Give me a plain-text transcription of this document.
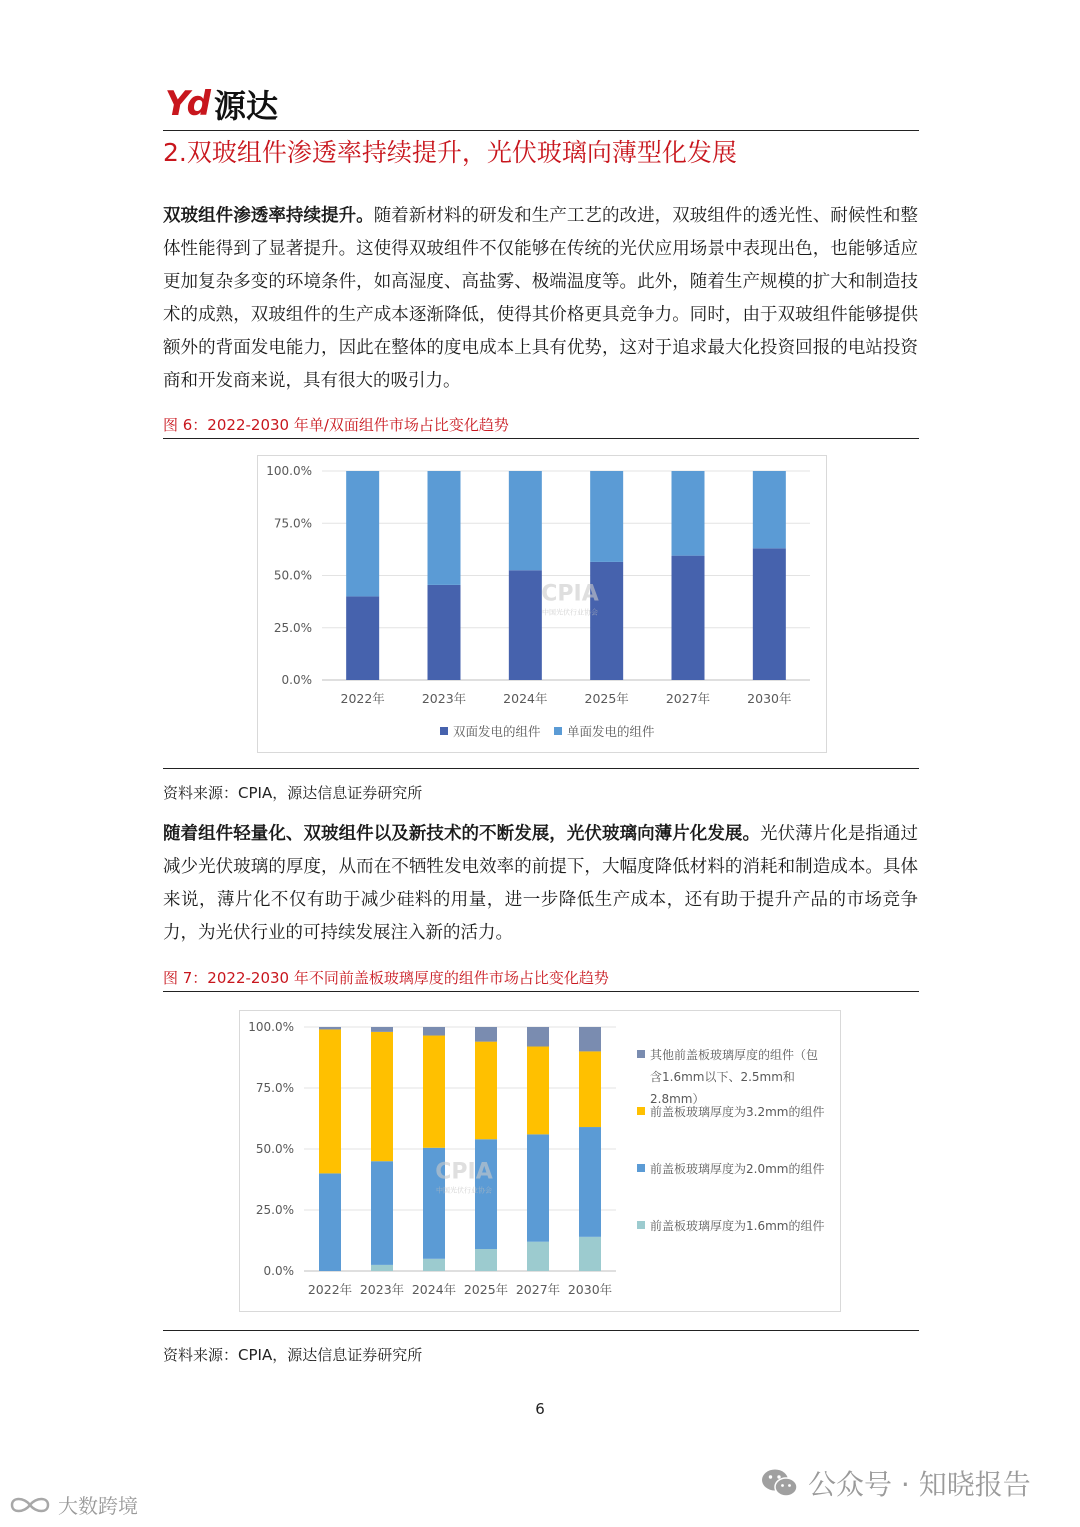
Yd 源达
2.双玻组件渗透率持续提升，光伏玻璃向薄型化发展
双玻组件渗透率持续提升。随着新材料的研发和生产工艺的改进，双玻组件的透光性、耐候性和整体性能得到了显著提升。这使得双玻组件不仅能够在传统的光伏应用场景中表现出色，也能够适应更加复杂多变的环境条件，如高湿度、高盐雾、极端温度等。此外，随着生产规模的扩大和制造技术的成熟，双玻组件的生产成本逐渐降低，使得其价格更具竞争力。同时，由于双玻组件能够提供额外的背面发电能力，因此在整体的度电成本上具有优势，这对于追求最大化投资回报的电站投资商和开发商来说，具有很大的吸引力。
图 6：2022-2030 年单/双面组件市场占比变化趋势
0.0%
25.0%
50.0%
75.0%
100.0%
2022年	2023年	2024年	2025年	2027年	2030年
CPIA
中国光伏行业协会
双面发电的组件 单面发电的组件
资料来源：CPIA，源达信息证券研究所
随着组件轻量化、双玻组件以及新技术的不断发展，光伏玻璃向薄片化发展。光伏薄片化是指通过减少光伏玻璃的厚度，从而在不牺牲发电效率的前提下，大幅度降低材料的消耗和制造成本。具体来说，薄片化不仅有助于减少硅料的用量，进一步降低生产成本，还有助于提升产品的市场竞争力，为光伏行业的可持续发展注入新的活力。
图 7：2022-2030 年不同前盖板玻璃厚度的组件市场占比变化趋势
0.0%
25.0%
50.0%
75.0%
100.0%
2022年 2023年 2024年 2025年 2027年 2030年
CPIA
中国光伏行业协会
其他前盖板玻璃厚度的组件（包
含1.6mm以下、2.5mm和
2.8mm）
前盖板玻璃厚度为3.2mm的组件
前盖板玻璃厚度为2.0mm的组件
前盖板玻璃厚度为1.6mm的组件
资料来源：CPIA，源达信息证券研究所
6
公众号 · 知晓报告
大数跨境
